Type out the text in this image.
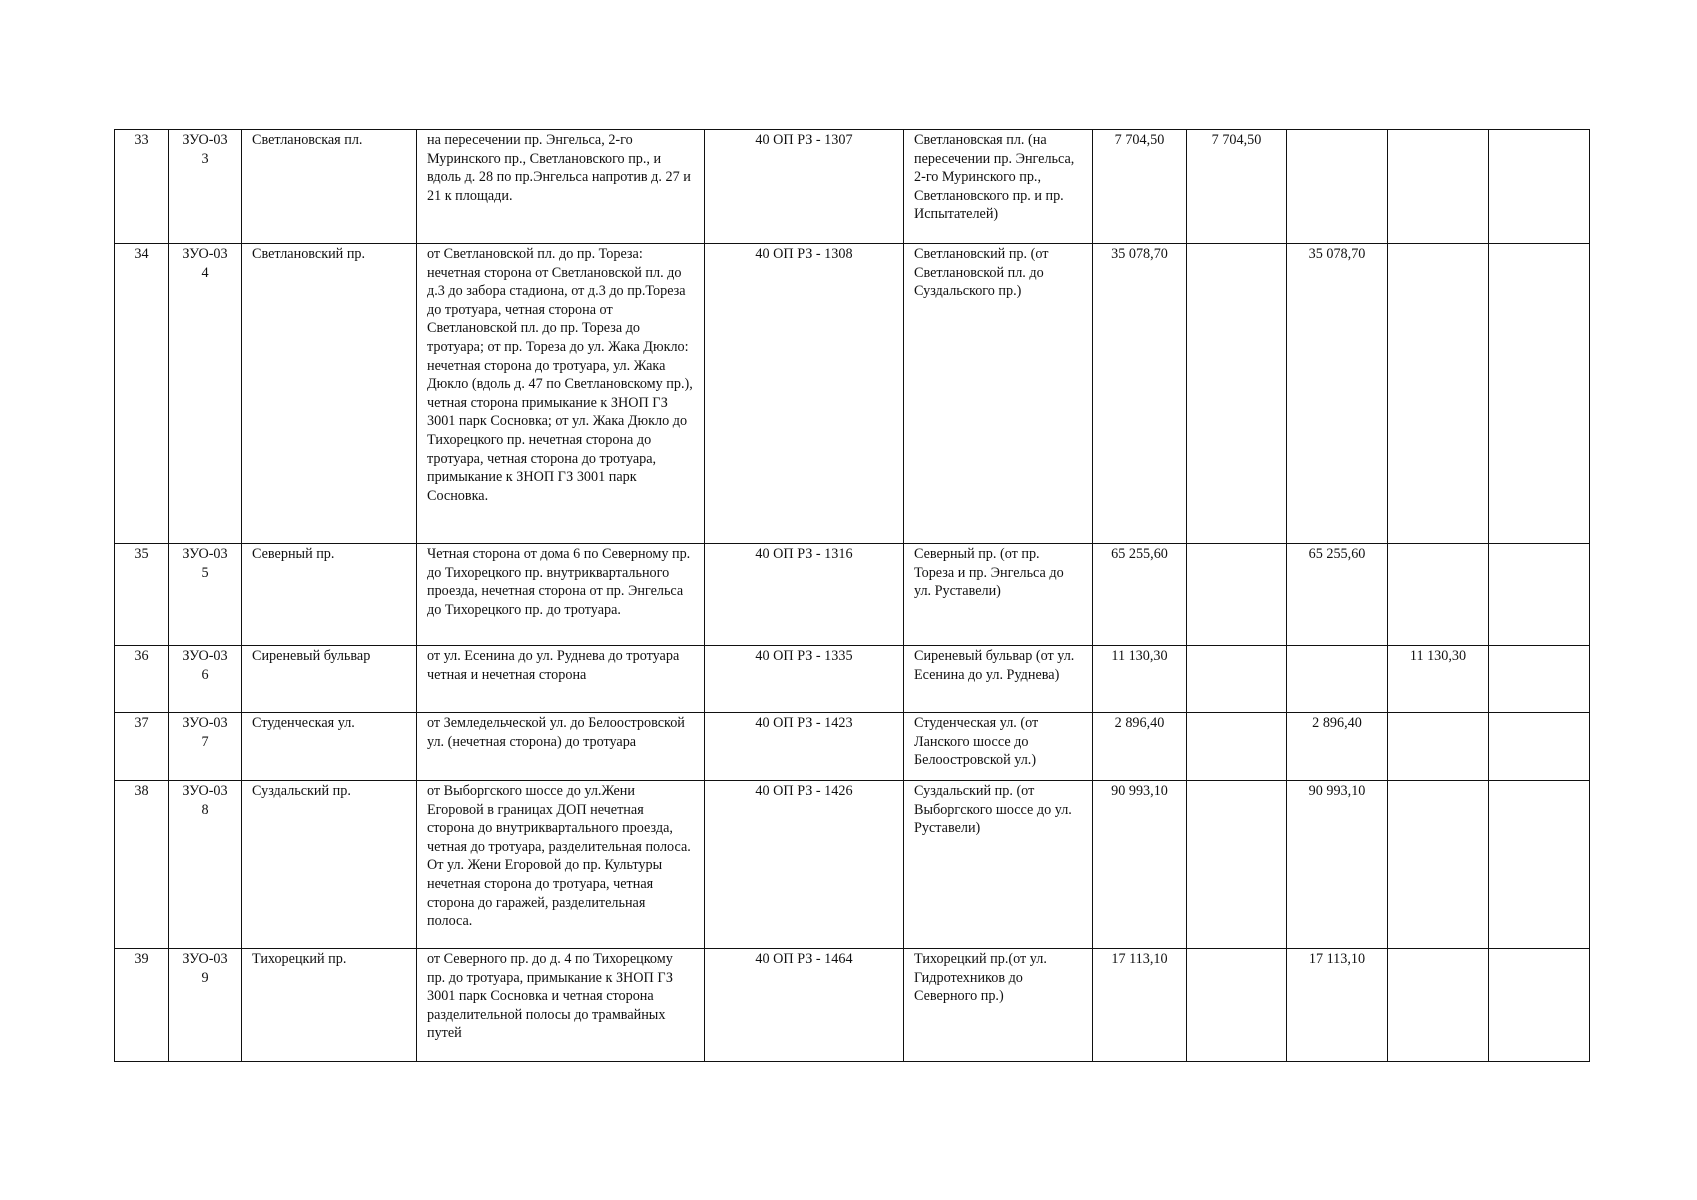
33	ЗУО-033	Светлановская пл.	на пересечении пр. Энгельса, 2-го Муринского пр., Светлановского пр., и вдоль д. 28 по пр.Энгельса напротив д. 27 и 21 к площади.	40 ОП РЗ - 1307	Светлановская пл. (на пересечении пр. Энгельса, 2-го Муринского пр., Светлановского пр. и пр. Испытателей)	7 704,50	7 704,50			
34	ЗУО-034	Светлановский пр.	от Светлановской пл. до пр. Тореза: нечетная сторона от Светлановской пл. до д.3 до забора стадиона, от д.3 до пр.Тореза до тротуара, четная сторона от Светлановской пл. до пр. Тореза до тротуара; от пр. Тореза до ул. Жака Дюкло: нечетная сторона до тротуара, ул. Жака Дюкло (вдоль д. 47 по Светлановскому пр.), четная сторона примыкание к ЗНОП ГЗ 3001 парк Сосновка; от ул. Жака Дюкло до Тихорецкого пр. нечетная сторона до тротуара, четная сторона до тротуара, примыкание к ЗНОП ГЗ 3001 парк Сосновка.	40 ОП РЗ - 1308	Светлановский пр. (от Светлановской пл. до Суздальского пр.)	35 078,70		35 078,70		
35	ЗУО-035	Северный пр.	Четная сторона от дома 6 по Северному пр. до Тихорецкого пр. внутриквартального проезда, нечетная сторона от пр. Энгельса до Тихорецкого пр. до тротуара.	40 ОП РЗ - 1316	Северный пр. (от пр. Тореза и пр. Энгельса до ул. Руставели)	65 255,60		65 255,60		
36	ЗУО-036	Сиреневый бульвар	от ул. Есенина до ул. Руднева до тротуара четная и нечетная сторона	40 ОП РЗ - 1335	Сиреневый бульвар (от ул. Есенина до ул. Руднева)	11 130,30			11 130,30	
37	ЗУО-037	Студенческая ул.	от Земледельческой ул. до Белоостровской ул. (нечетная сторона) до тротуара	40 ОП РЗ - 1423	Студенческая ул. (от Ланского шоссе до Белоостровской ул.)	2 896,40		2 896,40		
38	ЗУО-038	Суздальский пр.	от Выборгского шоссе до ул.Жени Егоровой в границах ДОП нечетная сторона до внутриквартального проезда, четная до тротуара, разделительная полоса. От ул. Жени Егоровой до пр. Культуры нечетная сторона до тротуара, четная сторона до гаражей, разделительная полоса.	40 ОП РЗ - 1426	Суздальский пр. (от Выборгского шоссе до ул. Руставели)	90 993,10		90 993,10		
39	ЗУО-039	Тихорецкий пр.	от Северного пр. до д. 4 по Тихорецкому пр. до тротуара, примыкание к ЗНОП ГЗ 3001 парк Сосновка и четная сторона разделительной полосы до трамвайных путей	40 ОП РЗ - 1464	Тихорецкий пр.(от ул. Гидротехников до Северного пр.)	17 113,10		17 113,10		
